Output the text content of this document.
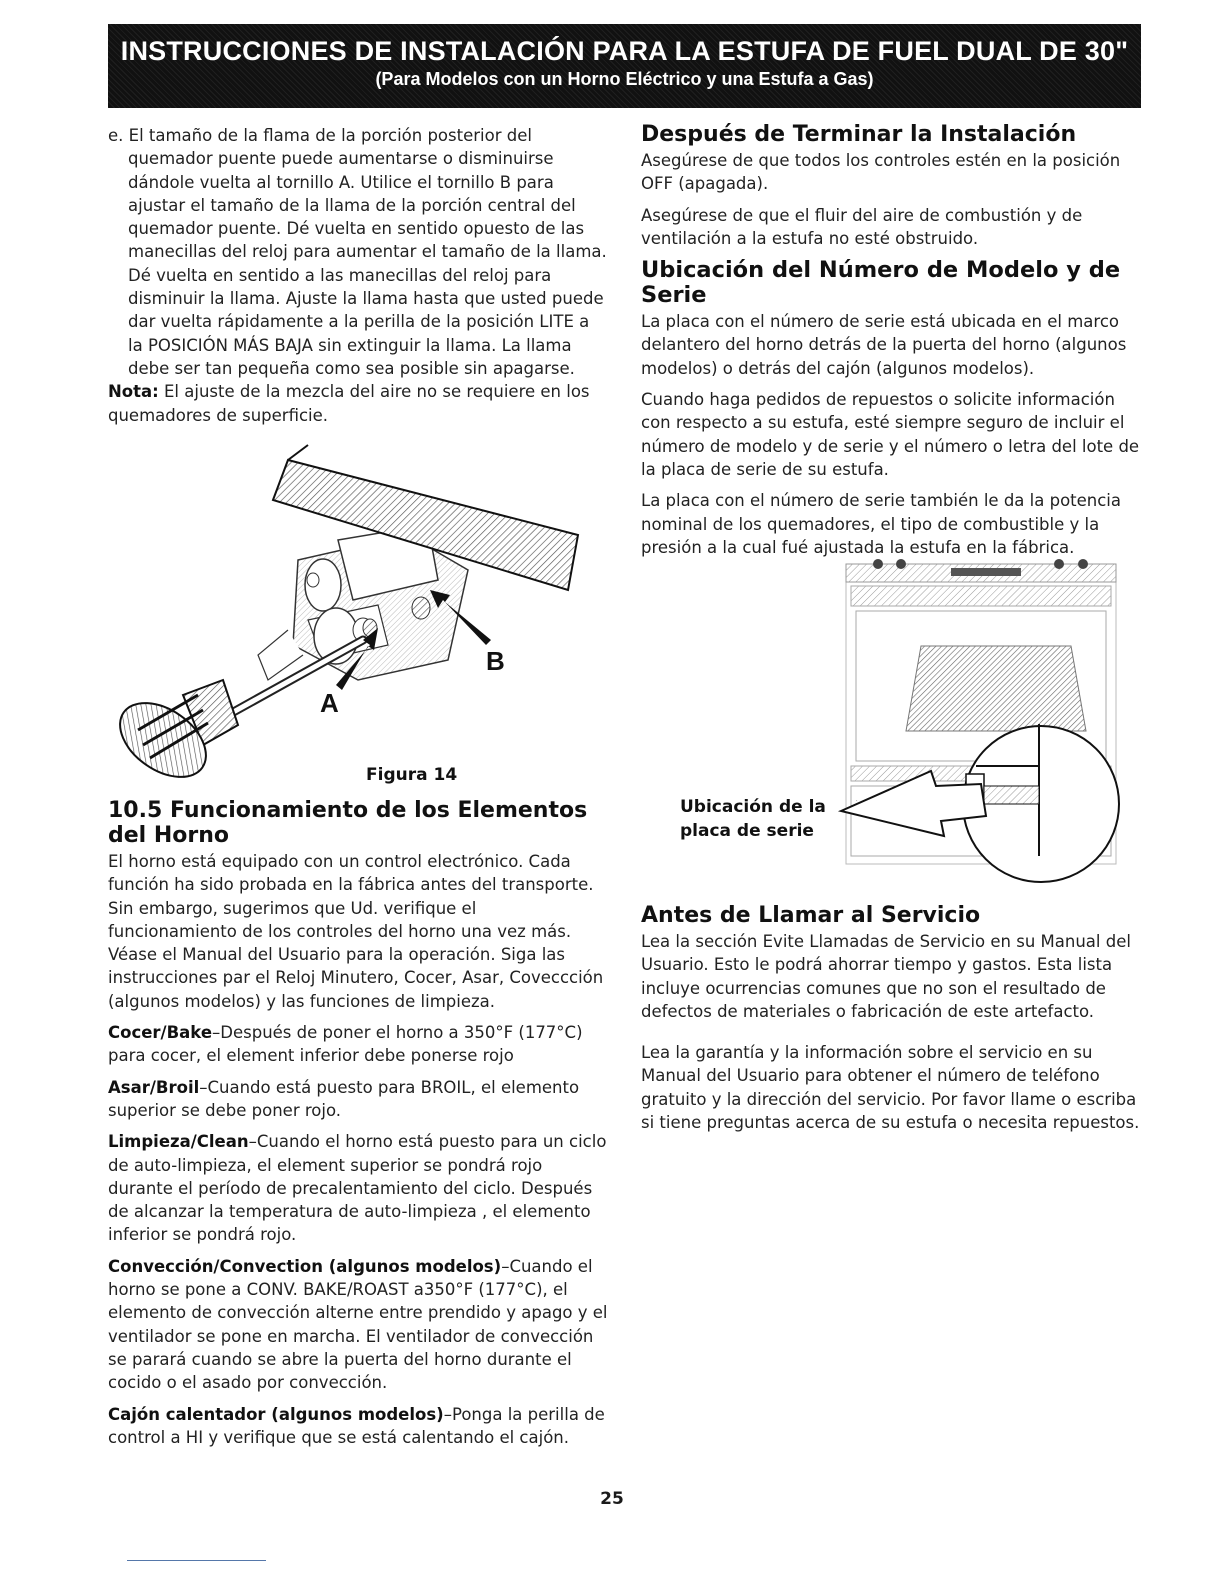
INSTRUCCIONES DE INSTALACIÓN PARA LA ESTUFA DE FUEL DUAL DE 30"
(Para Modelos con un Horno Eléctrico y una Estufa a Gas)

e. El tamaño de la flama de la porción posterior del quemador puente puede aumentarse o disminuirse dándole vuelta al tornillo A. Utilice el tornillo B para ajustar el tamaño de la llama de la porción central del quemador puente. Dé vuelta en sentido opuesto de las manecillas del reloj para aumentar el tamaño de la llama. Dé vuelta en sentido a las manecillas del reloj para disminuir la llama. Ajuste la llama hasta que usted puede dar vuelta rápidamente a la perilla de la posición LITE a la POSICIÓN MÁS BAJA sin extinguir la llama. La llama debe ser tan pequeña como sea posible sin apagarse.

Nota: El ajuste de la mezcla del aire no se requiere en los quemadores de superficie.

A
B
Figura 14
10.5 Funcionamiento de los Elementos del Horno

El horno está equipado con un control electrónico. Cada función ha sido probada en la fábrica antes del transporte. Sin embargo, sugerimos que Ud. verifique el funcionamiento de los controles del horno una vez más. Véase el Manual del Usuario para la operación. Siga las instrucciones par el Reloj Minutero, Cocer, Asar, Coveccción (algunos modelos) y las funciones de limpieza.

Cocer/Bake–Después de poner el horno a 350°F (177°C) para cocer, el element inferior debe ponerse rojo

Asar/Broil–Cuando está puesto para BROIL, el elemento superior se debe poner rojo.

Limpieza/Clean–Cuando el horno está puesto para un ciclo de auto-limpieza, el element superior se pondrá rojo durante el período de precalentamiento del ciclo. Después de alcanzar la temperatura de auto-limpieza , el elemento inferior se pondrá rojo.

Convección/Convection (algunos modelos)–Cuando el horno se pone a CONV. BAKE/ROAST a350°F (177°C), el elemento de convección alterne entre prendido y apago y el ventilador se pone en marcha. El ventilador de convección se parará cuando se abre la puerta del horno durante el cocido o el asado por convección.

Cajón calentador (algunos modelos)–Ponga la perilla de control a HI y verifique que se está calentando el cajón.

Después de Terminar la Instalación

Asegúrese de que todos los controles estén en la posición OFF (apagada).

Asegúrese de que el fluir del aire de combustión y de ventilación a la estufa no esté obstruido.

Ubicación del Número de Modelo y de Serie

La placa con el número de serie está ubicada en el marco delantero del horno detrás de la puerta del horno (algunos modelos) o detrás del cajón (algunos modelos).

Cuando haga pedidos de repuestos o solicite información con respecto a su estufa, esté siempre seguro de incluir el número de modelo y de serie y el número o letra del lote de la placa de serie de su estufa.

La placa con el número de serie también le da la potencia nominal de los quemadores, el tipo de combustible y la presión a la cual fué ajustada la estufa en la fábrica.

Ubicación de la
placa de serie
Antes de Llamar al Servicio

Lea la sección Evite Llamadas de Servicio en su Manual del Usuario. Esto le podrá ahorrar tiempo y gastos. Esta lista incluye ocurrencias comunes que no son el resultado de defectos de materiales o fabricación de este artefacto.

Lea la garantía y la información sobre el servicio en su Manual del Usuario para obtener el número de teléfono gratuito y la dirección del servicio. Por favor llame o escriba si tiene preguntas acerca de su estufa o necesita repuestos.

25
